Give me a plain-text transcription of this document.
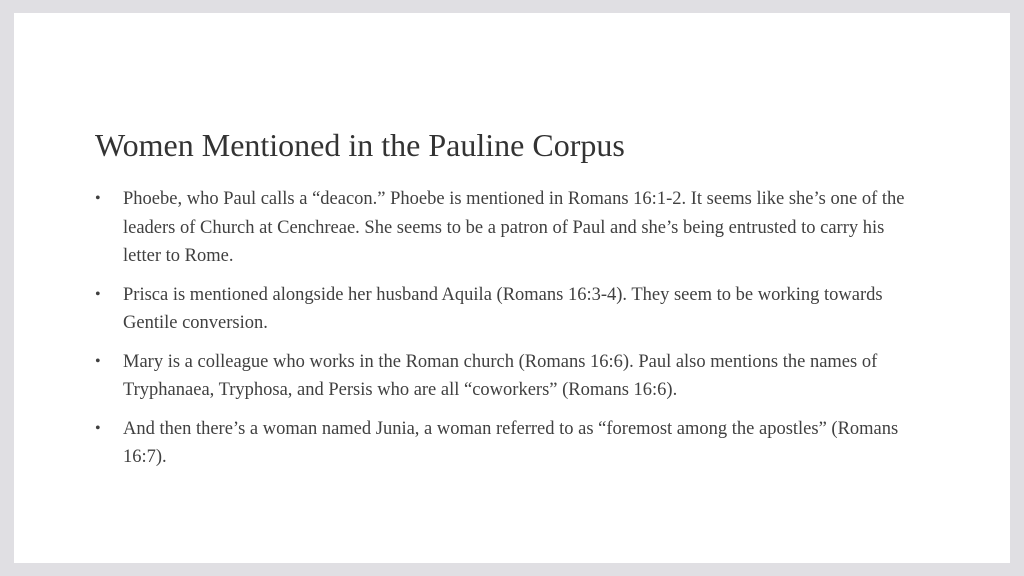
Women Mentioned in the Pauline Corpus
• Phoebe, who Paul calls a “deacon.” Phoebe is mentioned in Romans 16:1-2. It seems like she’s one of the leaders of Church at Cenchreae. She seems to be a patron of Paul and she’s being entrusted to carry his letter to Rome.
• Prisca is mentioned alongside her husband Aquila (Romans 16:3-4). They seem to be working towards Gentile conversion.
• Mary is a colleague who works in the Roman church (Romans 16:6). Paul also mentions the names of Tryphanaea, Tryphosa, and Persis who are all “coworkers” (Romans 16:6).
• And then there’s a woman named Junia, a woman referred to as “foremost among the apostles” (Romans 16:7).
